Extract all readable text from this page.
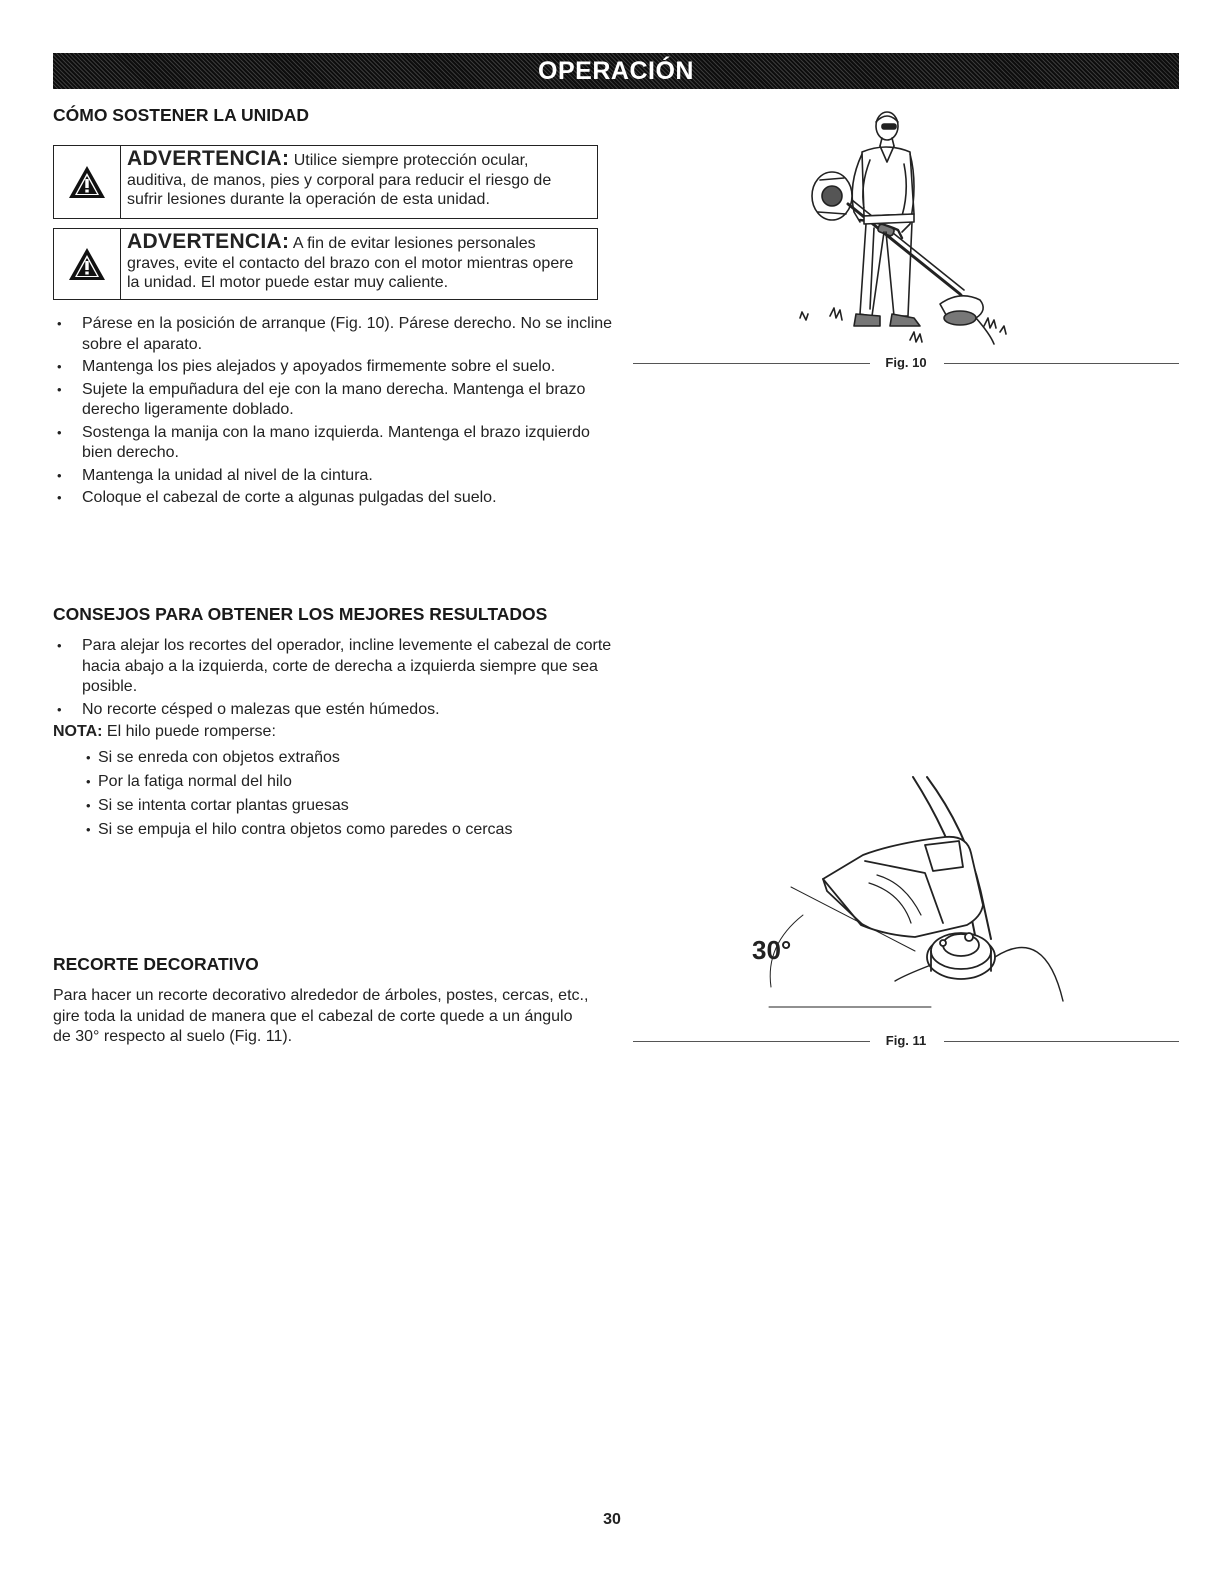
OPERACIÓN
CÓMO SOSTENER LA UNIDAD
ADVERTENCIA: Utilice siempre protección ocular, auditiva, de manos, pies y corporal para reducir el riesgo de sufrir lesiones durante la operación de esta unidad.
ADVERTENCIA: A fin de evitar lesiones personales graves, evite el contacto del brazo con el motor mientras opere la unidad. El motor puede estar muy caliente.
• Párese en la posición de arranque (Fig. 10). Párese derecho. No se incline sobre el aparato.
• Mantenga los pies alejados y apoyados firmemente sobre el suelo.
• Sujete la empuñadura del eje con la mano derecha. Mantenga el brazo derecho ligeramente doblado.
• Sostenga la manija con la mano izquierda. Mantenga el brazo izquierdo bien derecho.
• Mantenga la unidad al nivel de la cintura.
• Coloque el cabezal de corte a algunas pulgadas del suelo.
CONSEJOS PARA OBTENER LOS MEJORES RESULTADOS
• Para alejar los recortes del operador, incline levemente el cabezal de corte hacia abajo a la izquierda, corte de derecha a izquierda siempre que sea posible.
• No recorte césped o malezas que estén húmedos.

NOTA: El hilo puede romperse:

• Si se enreda con objetos extraños
• Por la fatiga normal del hilo
• Si se intenta cortar plantas gruesas
• Si se empuja el hilo contra objetos como paredes o cercas
RECORTE DECORATIVO

Para hacer un recorte decorativo alrededor de árboles, postes, cercas, etc., gire toda la unidad de manera que el cabezal de corte quede a un ángulo de 30° respecto al suelo (Fig. 11).

Fig. 10
30°
Fig. 11
30
